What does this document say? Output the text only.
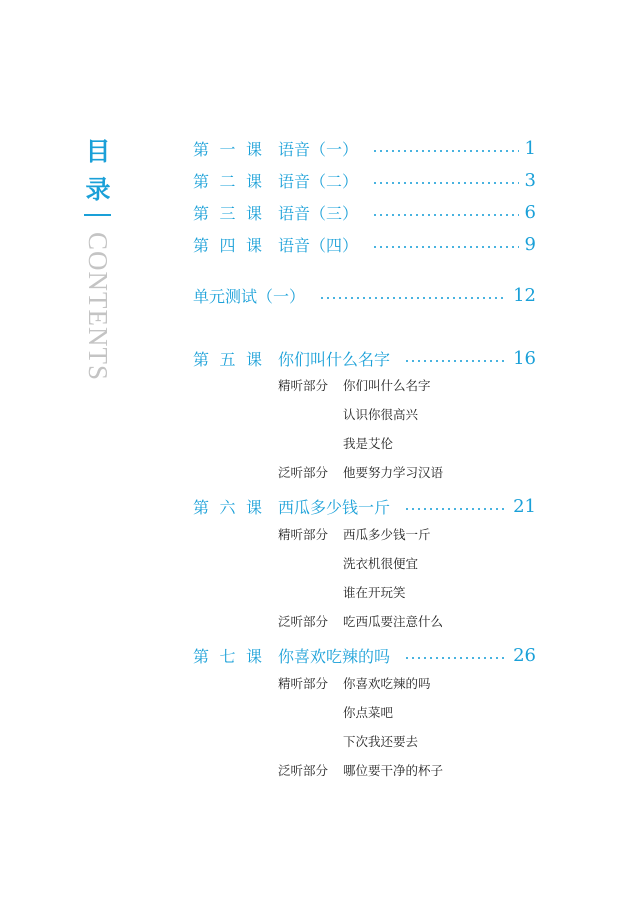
目
录
CONTENTS
第 一 课 语音（一）	1
第 二 课 语音（二）	3
第 三 课 语音（三）	6
第 四 课 语音（四）	9
单元测试（一）	12
第 五 课 你们叫什么名字	16
精听部分 你们叫什么名字
认识你很高兴
我是艾伦
泛听部分 他要努力学习汉语
第 六 课 西瓜多少钱一斤	21
精听部分 西瓜多少钱一斤
洗衣机很便宜
谁在开玩笑
泛听部分 吃西瓜要注意什么
第 七 课 你喜欢吃辣的吗	26
精听部分 你喜欢吃辣的吗
你点菜吧
下次我还要去
泛听部分 哪位要干净的杯子
